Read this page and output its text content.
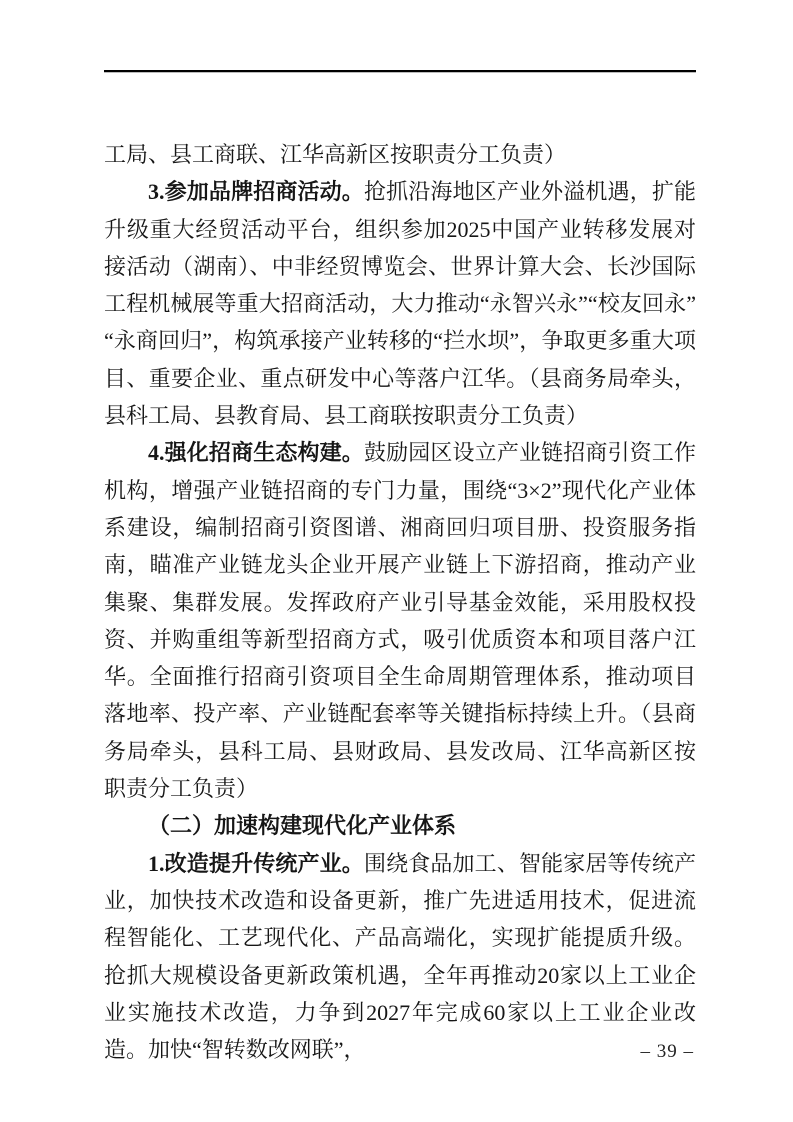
工局、县工商联、江华高新区按职责分工负责）

3.参加品牌招商活动。抢抓沿海地区产业外溢机遇，扩能升级重大经贸活动平台，组织参加2025中国产业转移发展对接活动（湖南）、中非经贸博览会、世界计算大会、长沙国际工程机械展等重大招商活动，大力推动“永智兴永”“校友回永”“永商回归”，构筑承接产业转移的“拦水坝”，争取更多重大项目、重要企业、重点研发中心等落户江华。（县商务局牵头，县科工局、县教育局、县工商联按职责分工负责）

4.强化招商生态构建。鼓励园区设立产业链招商引资工作机构，增强产业链招商的专门力量，围绕“3×2”现代化产业体系建设，编制招商引资图谱、湘商回归项目册、投资服务指南，瞄准产业链龙头企业开展产业链上下游招商，推动产业集聚、集群发展。发挥政府产业引导基金效能，采用股权投资、并购重组等新型招商方式，吸引优质资本和项目落户江华。全面推行招商引资项目全生命周期管理体系，推动项目落地率、投产率、产业链配套率等关键指标持续上升。（县商务局牵头，县科工局、县财政局、县发改局、江华高新区按职责分工负责）

（二）加速构建现代化产业体系

1.改造提升传统产业。围绕食品加工、智能家居等传统产业，加快技术改造和设备更新，推广先进适用技术，促进流程智能化、工艺现代化、产品高端化，实现扩能提质升级。抢抓大规模设备更新政策机遇，全年再推动20家以上工业企业实施技术改造，力争到2027年完成60家以上工业企业改造。加快“智转数改网联”，	– 39 –
